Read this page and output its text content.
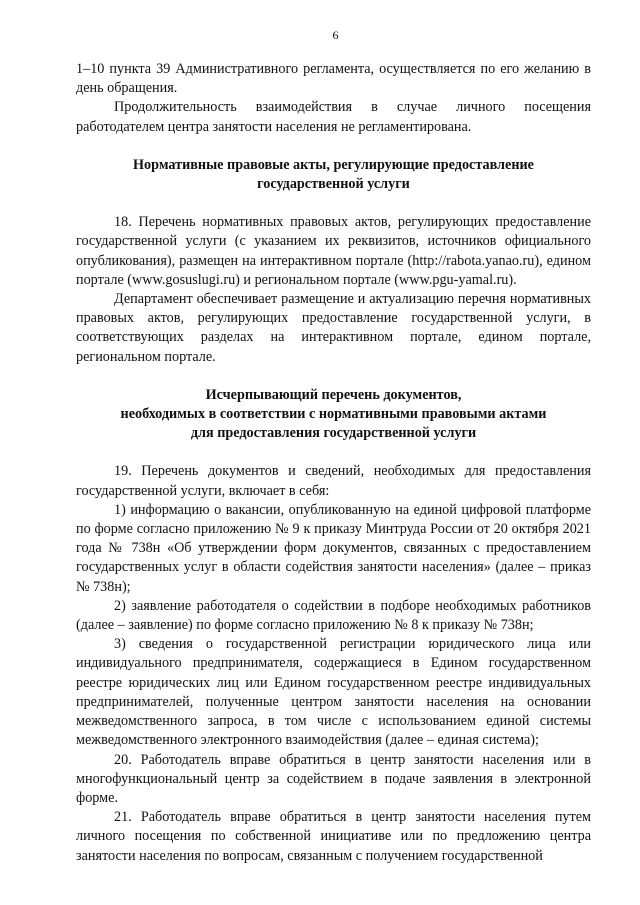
6

1–10 пункта 39 Административного регламента, осуществляется по его желанию в день обращения.

Продолжительность взаимодействия в случае личного посещения работодателем центра занятости населения не регламентирована.

Нормативные правовые акты, регулирующие предоставление
государственной услуги

18. Перечень нормативных правовых актов, регулирующих предоставление государственной услуги (с указанием их реквизитов, источников официального опубликования), размещен на интерактивном портале (http://rabota.yanao.ru), едином портале (www.gosuslugi.ru) и региональном портале (www.pgu-yamal.ru).

Департамент обеспечивает размещение и актуализацию перечня нормативных правовых актов, регулирующих предоставление государственной услуги, в соответствующих разделах на интерактивном портале, едином портале, региональном портале.

Исчерпывающий перечень документов,
необходимых в соответствии с нормативными правовыми актами
для предоставления государственной услуги

19. Перечень документов и сведений, необходимых для предоставления государственной услуги, включает в себя:

1) информацию о вакансии, опубликованную на единой цифровой платформе по форме согласно приложению № 9 к приказу Минтруда России от 20 октября 2021 года № 738н «Об утверждении форм документов, связанных с предоставлением государственных услуг в области содействия занятости населения» (далее – приказ № 738н);

2) заявление работодателя о содействии в подборе необходимых работников (далее – заявление) по форме согласно приложению № 8 к приказу № 738н;

3) сведения о государственной регистрации юридического лица или индивидуального предпринимателя, содержащиеся в Едином государственном реестре юридических лиц или Едином государственном реестре индивидуальных предпринимателей, полученные центром занятости населения на основании межведомственного запроса, в том числе с использованием единой системы межведомственного электронного взаимодействия (далее – единая система);

20. Работодатель вправе обратиться в центр занятости населения или в многофункциональный центр за содействием в подаче заявления в электронной форме.

21. Работодатель вправе обратиться в центр занятости населения путем личного посещения по собственной инициативе или по предложению центра занятости населения по вопросам, связанным с получением государственной
